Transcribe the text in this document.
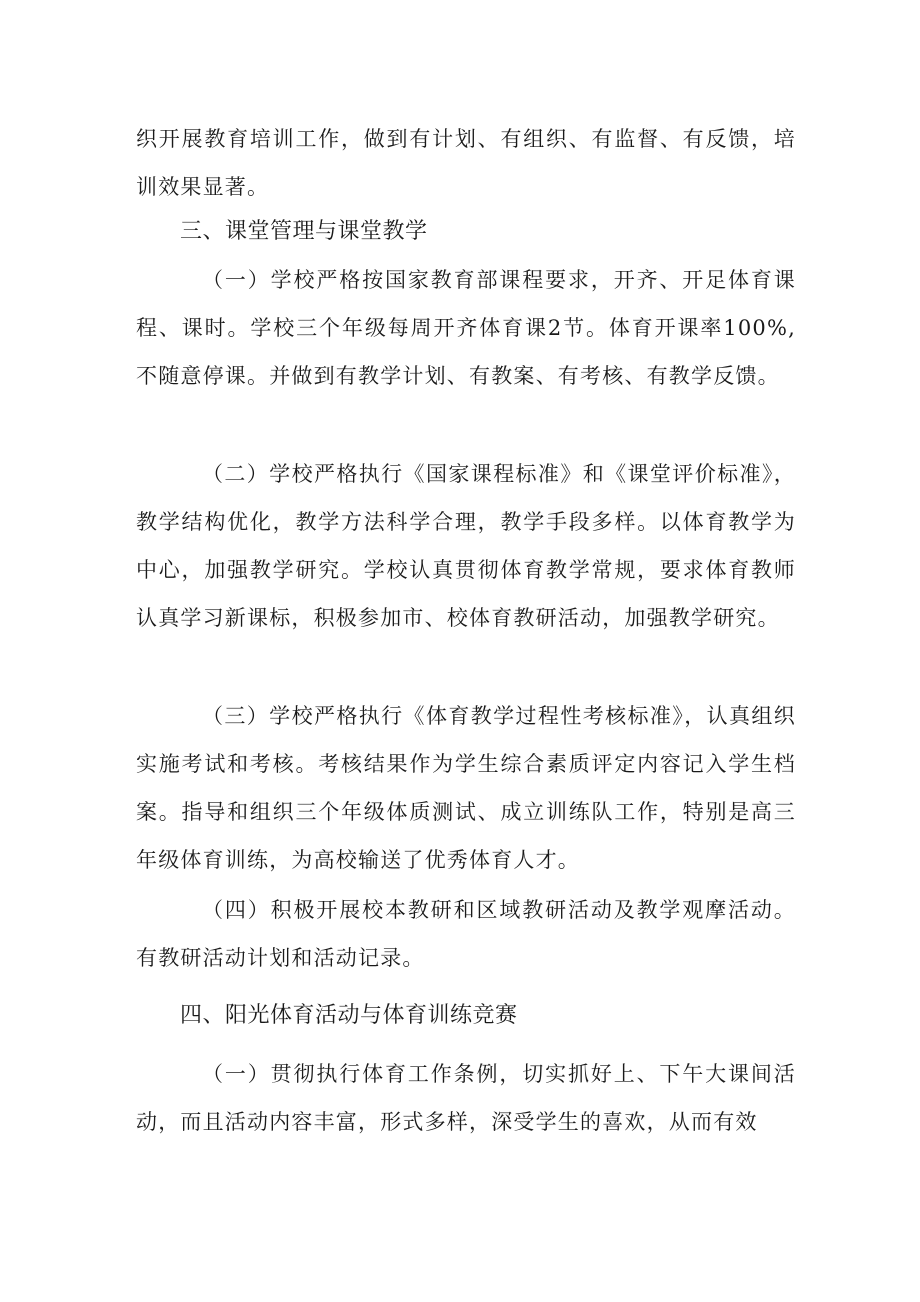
织开展教育培训工作，做到有计划、有组织、有监督、有反馈，培训效果显著。

三、课堂管理与课堂教学

（一）学校严格按国家教育部课程要求，开齐、开足体育课程、课时。学校三个年级每周开齐体育课2节。体育开课率100%,不随意停课。并做到有教学计划、有教案、有考核、有教学反馈。

（二）学校严格执行《国家课程标准》和《课堂评价标准》，教学结构优化，教学方法科学合理，教学手段多样。以体育教学为中心，加强教学研究。学校认真贯彻体育教学常规，要求体育教师认真学习新课标，积极参加市、校体育教研活动，加强教学研究。

（三）学校严格执行《体育教学过程性考核标准》，认真组织实施考试和考核。考核结果作为学生综合素质评定内容记入学生档案。指导和组织三个年级体质测试、成立训练队工作，特别是高三年级体育训练，为高校输送了优秀体育人才。

（四）积极开展校本教研和区域教研活动及教学观摩活动。有教研活动计划和活动记录。

四、阳光体育活动与体育训练竞赛

（一）贯彻执行体育工作条例，切实抓好上、下午大课间活动，而且活动内容丰富，形式多样，深受学生的喜欢，从而有效
